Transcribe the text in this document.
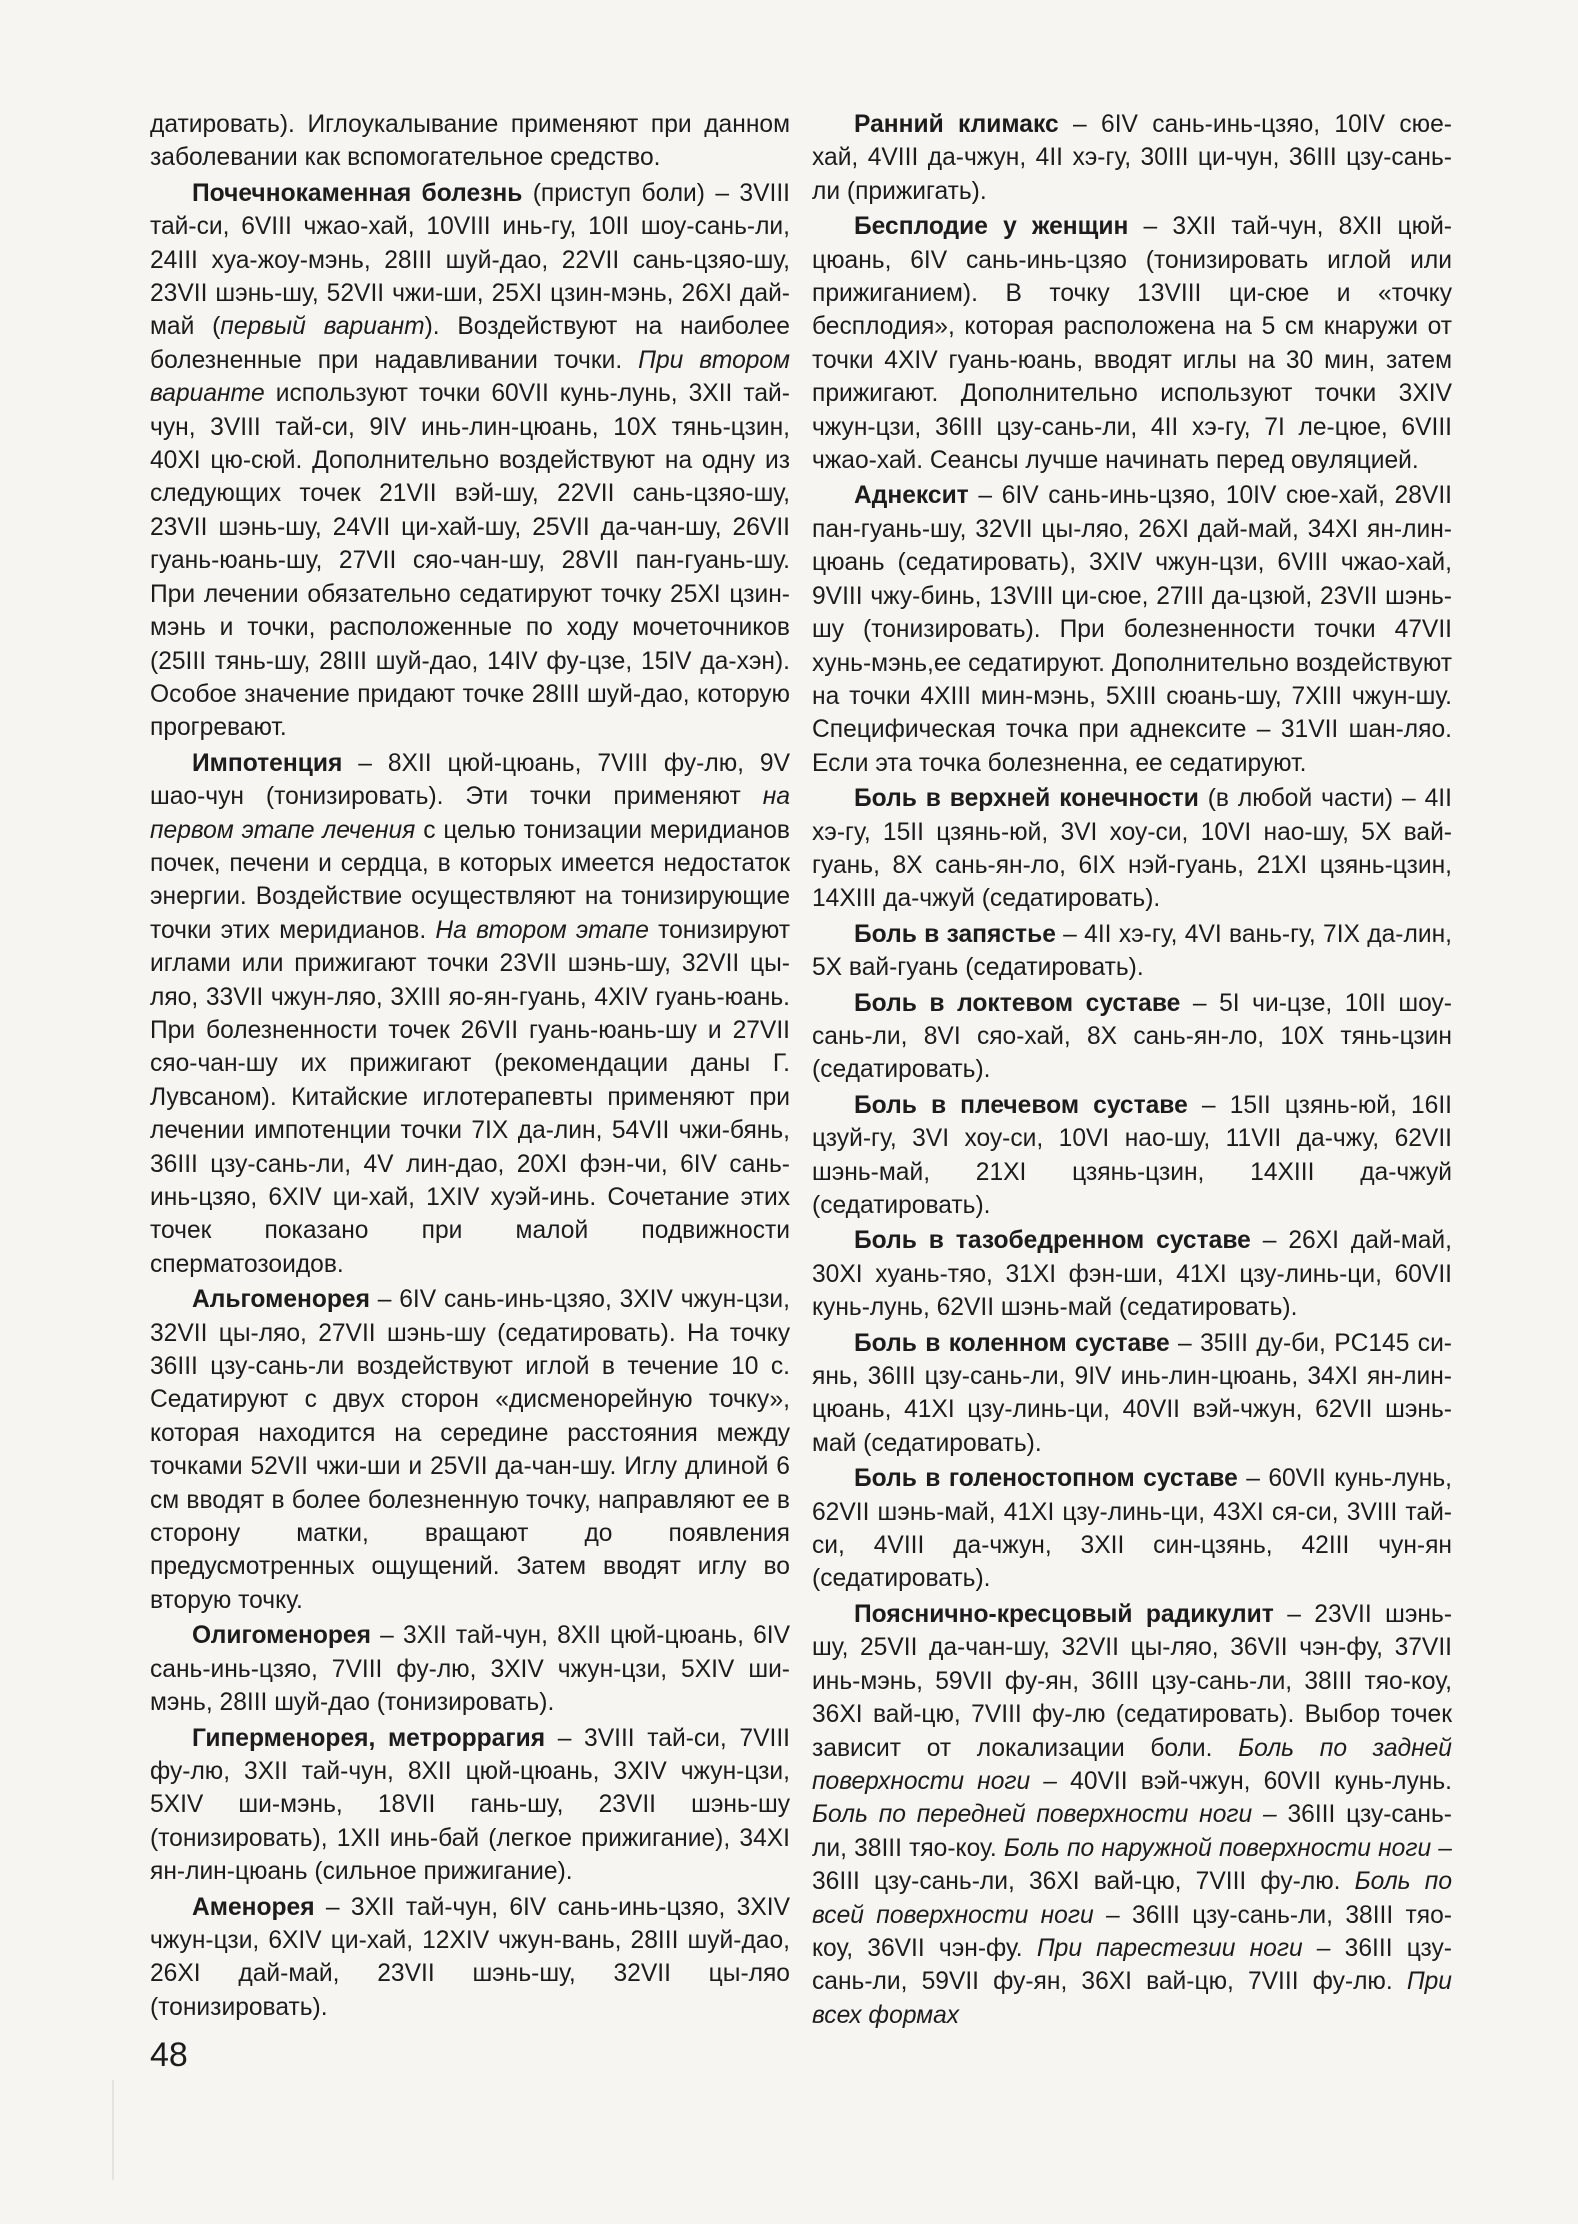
датировать). Иглоукалывание применяют при данном заболевании как вспомогательное средство.

Почечнокаменная болезнь (приступ боли) – 3VIII тай-си, 6VIII чжао-хай, 10VIII инь-гу, 10II шоу-сань-ли, 24III хуа-жоу-мэнь, 28III шуй-дао, 22VII сань-цзяо-шу, 23VII шэнь-шу, 52VII чжи-ши, 25XI цзин-мэнь, 26XI дай-май (первый вариант). Воздействуют на наиболее болезненные при надавливании точки. При втором варианте используют точки 60VII кунь-лунь, 3XII тай-чун, 3VIII тай-си, 9IV инь-лин-цюань, 10X тянь-цзин, 40XI цю-сюй. Дополнительно воздействуют на одну из следующих точек 21VII вэй-шу, 22VII сань-цзяо-шу, 23VII шэнь-шу, 24VII ци-хай-шу, 25VII да-чан-шу, 26VII гуань-юань-шу, 27VII сяо-чан-шу, 28VII пан-гуань-шу. При лечении обязательно седатируют точку 25XI цзин-мэнь и точки, расположенные по ходу мочеточников (25III тянь-шу, 28III шуй-дао, 14IV фу-цзе, 15IV да-хэн). Особое значение придают точке 28III шуй-дао, которую прогревают.

Импотенция – 8XII цюй-цюань, 7VIII фу-лю, 9V шао-чун (тонизировать). Эти точки применяют на первом этапе лечения с целью тонизации меридианов почек, печени и сердца, в которых имеется недостаток энергии. Воздействие осуществляют на тонизирующие точки этих меридианов. На втором этапе тонизируют иглами или прижигают точки 23VII шэнь-шу, 32VII цы-ляо, 33VII чжун-ляо, 3XIII яо-ян-гуань, 4XIV гуань-юань. При болезненности точек 26VII гуань-юань-шу и 27VII сяо-чан-шу их прижигают (рекомендации даны Г. Лувсаном). Китайские иглотерапевты применяют при лечении импотенции точки 7IX да-лин, 54VII чжи-бянь, 36III цзу-сань-ли, 4V лин-дао, 20XI фэн-чи, 6IV сань-инь-цзяо, 6XIV ци-хай, 1XIV хуэй-инь. Сочетание этих точек показано при малой подвижности сперматозоидов.

Альгоменорея – 6IV сань-инь-цзяо, 3XIV чжун-цзи, 32VII цы-ляо, 27VII шэнь-шу (седатировать). На точку 36III цзу-сань-ли воздействуют иглой в течение 10 с. Седатируют с двух сторон «дисменорейную точку», которая находится на середине расстояния между точками 52VII чжи-ши и 25VII да-чан-шу. Иглу длиной 6 см вводят в более болезненную точку, направляют ее в сторону матки, вращают до появления предусмотренных ощущений. Затем вводят иглу во вторую точку.

Олигоменорея – 3XII тай-чун, 8XII цюй-цюань, 6IV сань-инь-цзяо, 7VIII фу-лю, 3XIV чжун-цзи, 5XIV ши-мэнь, 28III шуй-дао (тонизировать).

Гиперменорея, метроррагия – 3VIII тай-си, 7VIII фу-лю, 3XII тай-чун, 8XII цюй-цюань, 3XIV чжун-цзи, 5XIV ши-мэнь, 18VII гань-шу, 23VII шэнь-шу (тонизировать), 1XII инь-бай (легкое прижигание), 34XI ян-лин-цюань (сильное прижигание).

Аменорея – 3XII тай-чун, 6IV сань-инь-цзяо, 3XIV чжун-цзи, 6XIV ци-хай, 12XIV чжун-вань, 28III шуй-дао, 26XI дай-май, 23VII шэнь-шу, 32VII цы-ляо (тонизировать).

Ранний климакс – 6IV сань-инь-цзяо, 10IV сюе-хай, 4VIII да-чжун, 4II хэ-гу, 30III ци-чун, 36III цзу-сань-ли (прижигать).

Бесплодие у женщин – 3XII тай-чун, 8XII цюй-цюань, 6IV сань-инь-цзяо (тонизировать иглой или прижиганием). В точку 13VIII ци-сюе и «точку бесплодия», которая расположена на 5 см кнаружи от точки 4XIV гуань-юань, вводят иглы на 30 мин, затем прижигают. Дополнительно используют точки 3XIV чжун-цзи, 36III цзу-сань-ли, 4II хэ-гу, 7I ле-цюе, 6VIII чжао-хай. Сеансы лучше начинать перед овуляцией.

Аднексит – 6IV сань-инь-цзяо, 10IV сюе-хай, 28VII пан-гуань-шу, 32VII цы-ляо, 26XI дай-май, 34XI ян-лин-цюань (седатировать), 3XIV чжун-цзи, 6VIII чжао-хай, 9VIII чжу-бинь, 13VIII ци-сюе, 27III да-цзюй, 23VII шэнь-шу (тонизировать). При болезненности точки 47VII хунь-мэнь,ее седатируют. Дополнительно воздействуют на точки 4XIII мин-мэнь, 5XIII сюань-шу, 7XIII чжун-шу. Специфическая точка при аднексите – 31VII шан-ляо. Если эта точка болезненна, ее седатируют.

Боль в верхней конечности (в любой части) – 4II хэ-гу, 15II цзянь-юй, 3VI хоу-си, 10VI нао-шу, 5X вай-гуань, 8X сань-ян-ло, 6IX нэй-гуань, 21XI цзянь-цзин, 14XIII да-чжуй (седатировать).

Боль в запястье – 4II хэ-гу, 4VI вань-гу, 7IX да-лин, 5X вай-гуань (седатировать).

Боль в локтевом суставе – 5I чи-цзе, 10II шоу-сань-ли, 8VI сяо-хай, 8X сань-ян-ло, 10X тянь-цзин (седатировать).

Боль в плечевом суставе – 15II цзянь-юй, 16II цзуй-гу, 3VI хоу-си, 10VI нао-шу, 11VII да-чжу, 62VII шэнь-май, 21XI цзянь-цзин, 14XIII да-чжуй (седатировать).

Боль в тазобедренном суставе – 26XI дай-май, 30XI хуань-тяо, 31XI фэн-ши, 41XI цзу-линь-ци, 60VII кунь-лунь, 62VII шэнь-май (седатировать).

Боль в коленном суставе – 35III ду-би, PC145 си-янь, 36III цзу-сань-ли, 9IV инь-лин-цюань, 34XI ян-лин-цюань, 41XI цзу-линь-ци, 40VII вэй-чжун, 62VII шэнь-май (седатировать).

Боль в голеностопном суставе – 60VII кунь-лунь, 62VII шэнь-май, 41XI цзу-линь-ци, 43XI ся-си, 3VIII тай-си, 4VIII да-чжун, 3XII син-цзянь, 42III чун-ян (седатировать).

Пояснично-кресцовый радикулит – 23VII шэнь-шу, 25VII да-чан-шу, 32VII цы-ляо, 36VII чэн-фу, 37VII инь-мэнь, 59VII фу-ян, 36III цзу-сань-ли, 38III тяо-коу, 36XI вай-цю, 7VIII фу-лю (седатировать). Выбор точек зависит от локализации боли. Боль по задней поверхности ноги – 40VII вэй-чжун, 60VII кунь-лунь. Боль по передней поверхности ноги – 36III цзу-сань-ли, 38III тяо-коу. Боль по наружной поверхности ноги – 36III цзу-сань-ли, 36XI вай-цю, 7VIII фу-лю. Боль по всей поверхности ноги – 36III цзу-сань-ли, 38III тяо-коу, 36VII чэн-фу. При парестезии ноги – 36III цзу-сань-ли, 59VII фу-ян, 36XI вай-цю, 7VIII фу-лю. При всех формах

48
